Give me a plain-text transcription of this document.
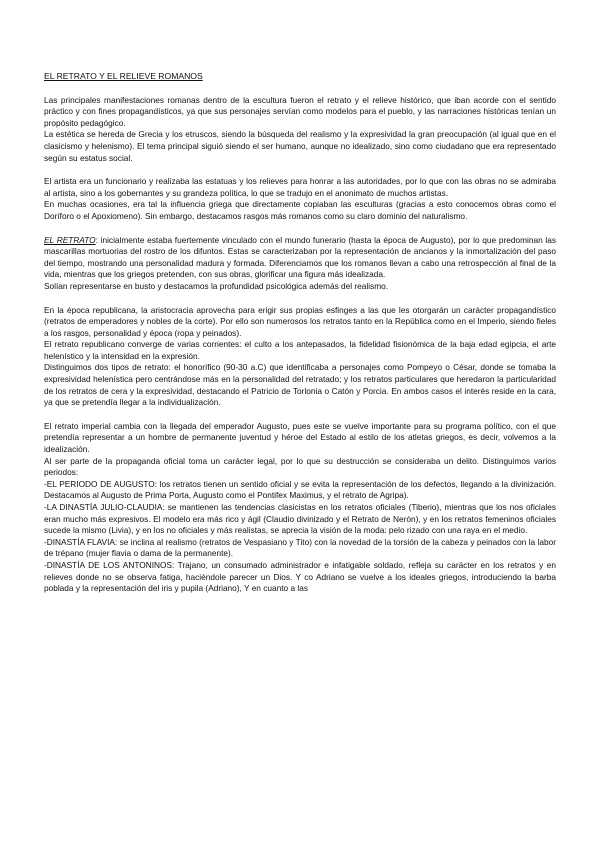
EL RETRATO Y EL RELIEVE ROMANOS

Las principales manifestaciones romanas dentro de la escultura fueron el retrato y el relieve histórico, que iban acorde con el sentido práctico y con fines propagandísticos, ya que sus personajes servían como modelos para el pueblo, y las narraciones históricas tenían un propósito pedagógico.

La estética se hereda de Grecia y los etruscos, siendo la búsqueda del realismo y la expresividad la gran preocupación (al igual que en el clasicismo y helenismo). El tema principal siguió siendo el ser humano, aunque no idealizado, sino como ciudadano que era representado según su estatus social.

El artista era un funcionario y realizaba las estatuas y los relieves para honrar a las autoridades, por lo que con las obras no se admiraba al artista, sino a los gobernantes y su grandeza política, lo que se tradujo en el anonimato de muchos artistas.

En muchas ocasiones, era tal la influencia griega que directamente copiaban las esculturas (gracias a esto conocemos obras como el Doríforo o el Apoxiomeno). Sin embargo, destacamos rasgos más romanos como su claro dominio del naturalismo.

EL RETRATO: inicialmente estaba fuertemente vinculado con el mundo funerario (hasta la época de Augusto), por lo que predominan las mascarillas mortuorias del rostro de los difuntos. Estas se caracterizaban por la representación de ancianos y la inmortalización del paso del tiempo, mostrando una personalidad madura y formada. Diferenciamos que los romanos llevan a cabo una retrospección al final de la vida, mientras que los griegos pretenden, con sus obras, glorificar una figura más idealizada.

Solían representarse en busto y destacamos la profundidad psicológica además del realismo.

En la época republicana, la aristocracia aprovecha para erigir sus propias esfinges a las que les otorgarán un carácter propagandístico (retratos de emperadores y nobles de la corte). Por ello son numerosos los retratos tanto en la República como en el Imperio, siendo fieles a los rasgos, personalidad y época (ropa y peinados).

El retrato republicano converge de varias corrientes: el culto a los antepasados, la fidelidad fisionómica de la baja edad egipcia, el arte helenístico y la intensidad en la expresión.

Distinguimos dos tipos de retrato: el honorífico (90-30 a.C) que identificaba a personajes como Pompeyo o César, donde se tomaba la expresividad helenística pero centrándose más en la personalidad del retratado; y los retratos particulares que heredaron la particularidad de los retratos de cera y la expresividad, destacando el Patricio de Torlonia o Catón y Porcia. En ambos casos el interés reside en la cara, ya que se pretendía llegar a la individualización.

El retrato imperial cambia con la llegada del emperador Augusto, pues este se vuelve importante para su programa político, con el que pretendía representar a un hombre de permanente juventud y héroe del Estado al estilo de los atletas griegos, es decir, volvemos a la idealización.

Al ser parte de la propaganda oficial toma un carácter legal, por lo que su destrucción se consideraba un delito. Distinguimos varios periodos:

-EL PERIODO DE AUGUSTO: los retratos tienen un sentido oficial y se evita la representación de los defectos, llegando a la divinización. Destacamos al Augusto de Prima Porta, Augusto como el Pontifex Maximus, y el retrato de Agripa).

-LA DINASTÍA JULIO-CLAUDIA: se mantienen las tendencias clasicistas en los retratos oficiales (Tiberio), mientras que los nos oficiales eran mucho más expresivos. El modelo era más rico y ágil (Claudio divinizado y el Retrato de Nerón), y en los retratos femeninos oficiales sucede la mismo (Livia), y en los no oficiales y más realistas, se aprecia la visión de la moda: pelo rizado con una raya en el medio.

-DINASTÍA FLAVIA: se inclina al realismo (retratos de Vespasiano y Tito) con la novedad de la torsión de la cabeza y peinados con la labor de trépano (mujer flavia o dama de la permanente).

-DINASTÍA DE LOS ANTONINOS: Trajano, un consumado administrador e infatigable soldado, refleja su carácter en los retratos y en relieves donde no se observa fatiga, haciéndole parecer un Dios. Y co Adriano se vuelve a los ideales griegos, introduciendo la barba poblada y la representación del iris y pupila (Adriano), Y en cuanto a las
